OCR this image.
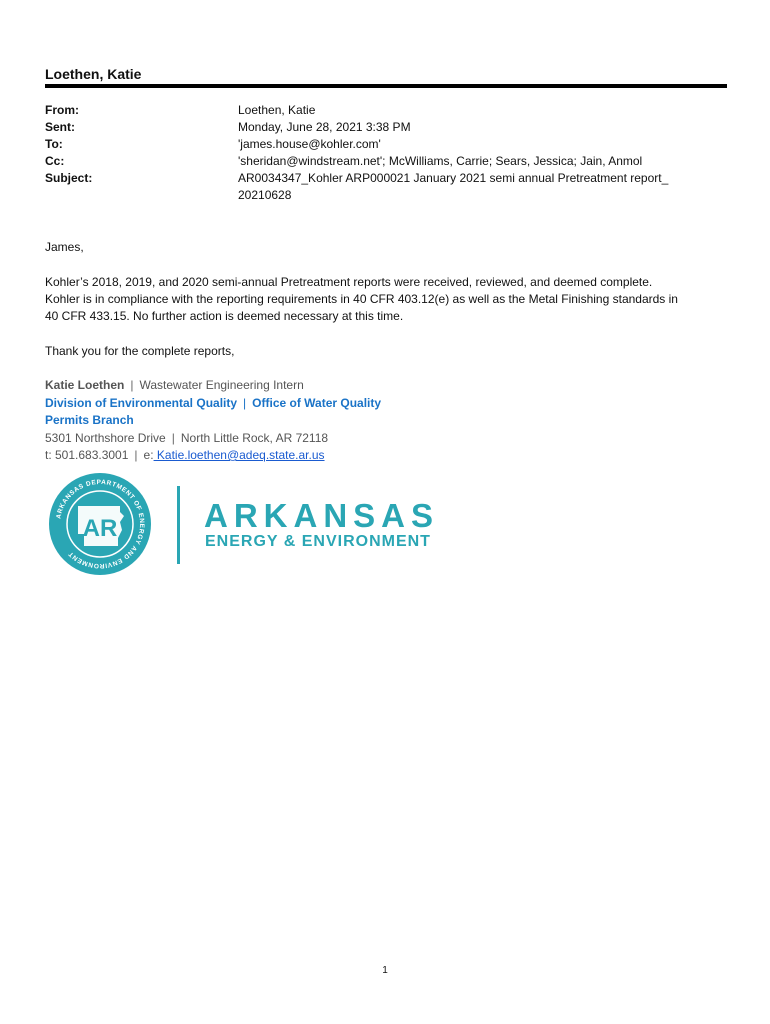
Loethen, Katie
From:	Loethen, Katie
Sent:	Monday, June 28, 2021 3:38 PM
To:	'james.house@kohler.com'
Cc:	'sheridan@windstream.net'; McWilliams, Carrie; Sears, Jessica; Jain, Anmol
Subject:	AR0034347_Kohler ARP000021 January 2021 semi annual Pretreatment report_
20210628
James,
Kohler’s 2018, 2019, and 2020 semi-annual Pretreatment reports were received, reviewed, and deemed complete.
Kohler is in compliance with the reporting requirements in 40 CFR 403.12(e) as well as the Metal Finishing standards in
40 CFR 433.15. No further action is deemed necessary at this time.
Thank you for the complete reports,
Katie Loethen | Wastewater Engineering Intern
Division of Environmental Quality | Office of Water Quality
Permits Branch
5301 Northshore Drive | North Little Rock, AR 72118
t: 501.683.3001 | e: Katie.loethen@adeq.state.ar.us
ARKANSAS DEPARTMENT OF ENERGY AND ENVIRONMENT
AR	ARKANSAS
ENERGY & ENVIRONMENT
1
